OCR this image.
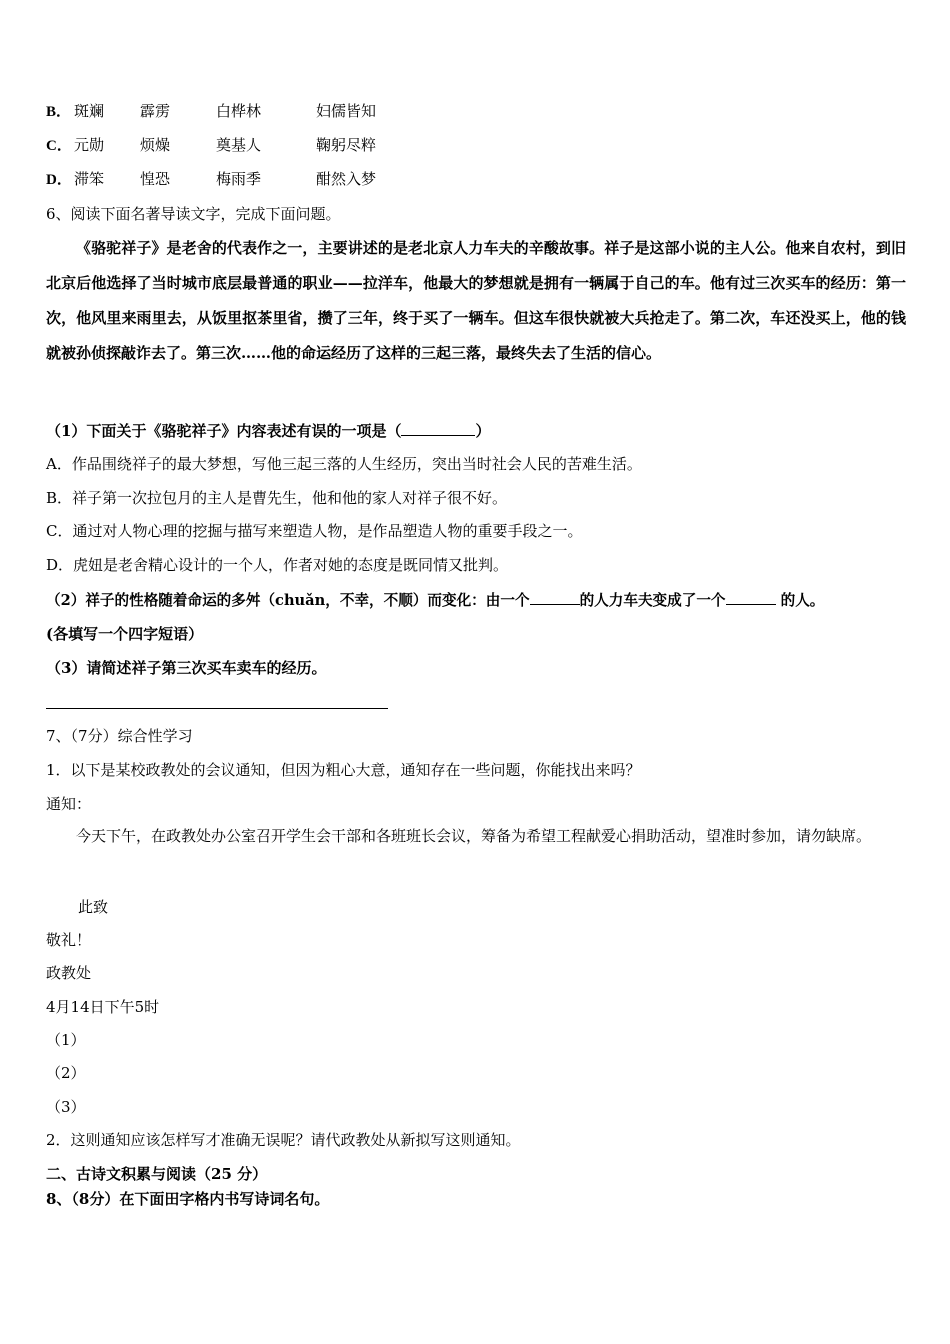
B． 斑斓 霹雳	白桦林	妇儒皆知
C． 元勋 烦燥	奠基人	鞠躬尽粹
D． 滞笨 惶恐	梅雨季	酣然入梦
6、阅读下面名著导读文字，完成下面问题。
《骆驼祥子》是老舍的代表作之一，主要讲述的是老北京人力车夫的辛酸故事。祥子是这部小说的主人公。他来自农村，到旧北京后他选择了当时城市底层最普通的职业——拉洋车，他最大的梦想就是拥有一辆属于自己的车。他有过三次买车的经历：第一次，他风里来雨里去，从饭里抠茶里省，攒了三年，终于买了一辆车。但这车很快就被大兵抢走了。第二次，车还没买上，他的钱就被孙侦探敲诈去了。第三次……他的命运经历了这样的三起三落，最终失去了生活的信心。
（1）下面关于《骆驼祥子》内容表述有误的一项是（	）
A．作品围绕祥子的最大梦想，写他三起三落的人生经历，突出当时社会人民的苦难生活。
B．祥子第一次拉包月的主人是曹先生，他和他的家人对祥子很不好。
C．通过对人物心理的挖掘与描写来塑造人物，是作品塑造人物的重要手段之一。
D．虎妞是老舍精心设计的一个人，作者对她的态度是既同情又批判。
（2）祥子的性格随着命运的多舛（chuǎn，不幸，不顺）而变化：由一个	的人力车夫变成了一个	的人。
(各填写一个四字短语）
（3）请简述祥子第三次买车卖车的经历。
7、（7分）综合性学习
1．以下是某校政教处的会议通知，但因为粗心大意，通知存在一些问题，你能找出来吗？
通知：
今天下午，在政教处办公室召开学生会干部和各班班长会议，筹备为希望工程献爱心捐助活动，望准时参加，请勿缺席。
此致
敬礼！
政教处
4月14日下午5时
（1）
（2）
（3）
2．这则通知应该怎样写才准确无误呢？请代政教处从新拟写这则通知。
二、古诗文积累与阅读（25 分）
8、（8分）在下面田字格内书写诗词名句。
